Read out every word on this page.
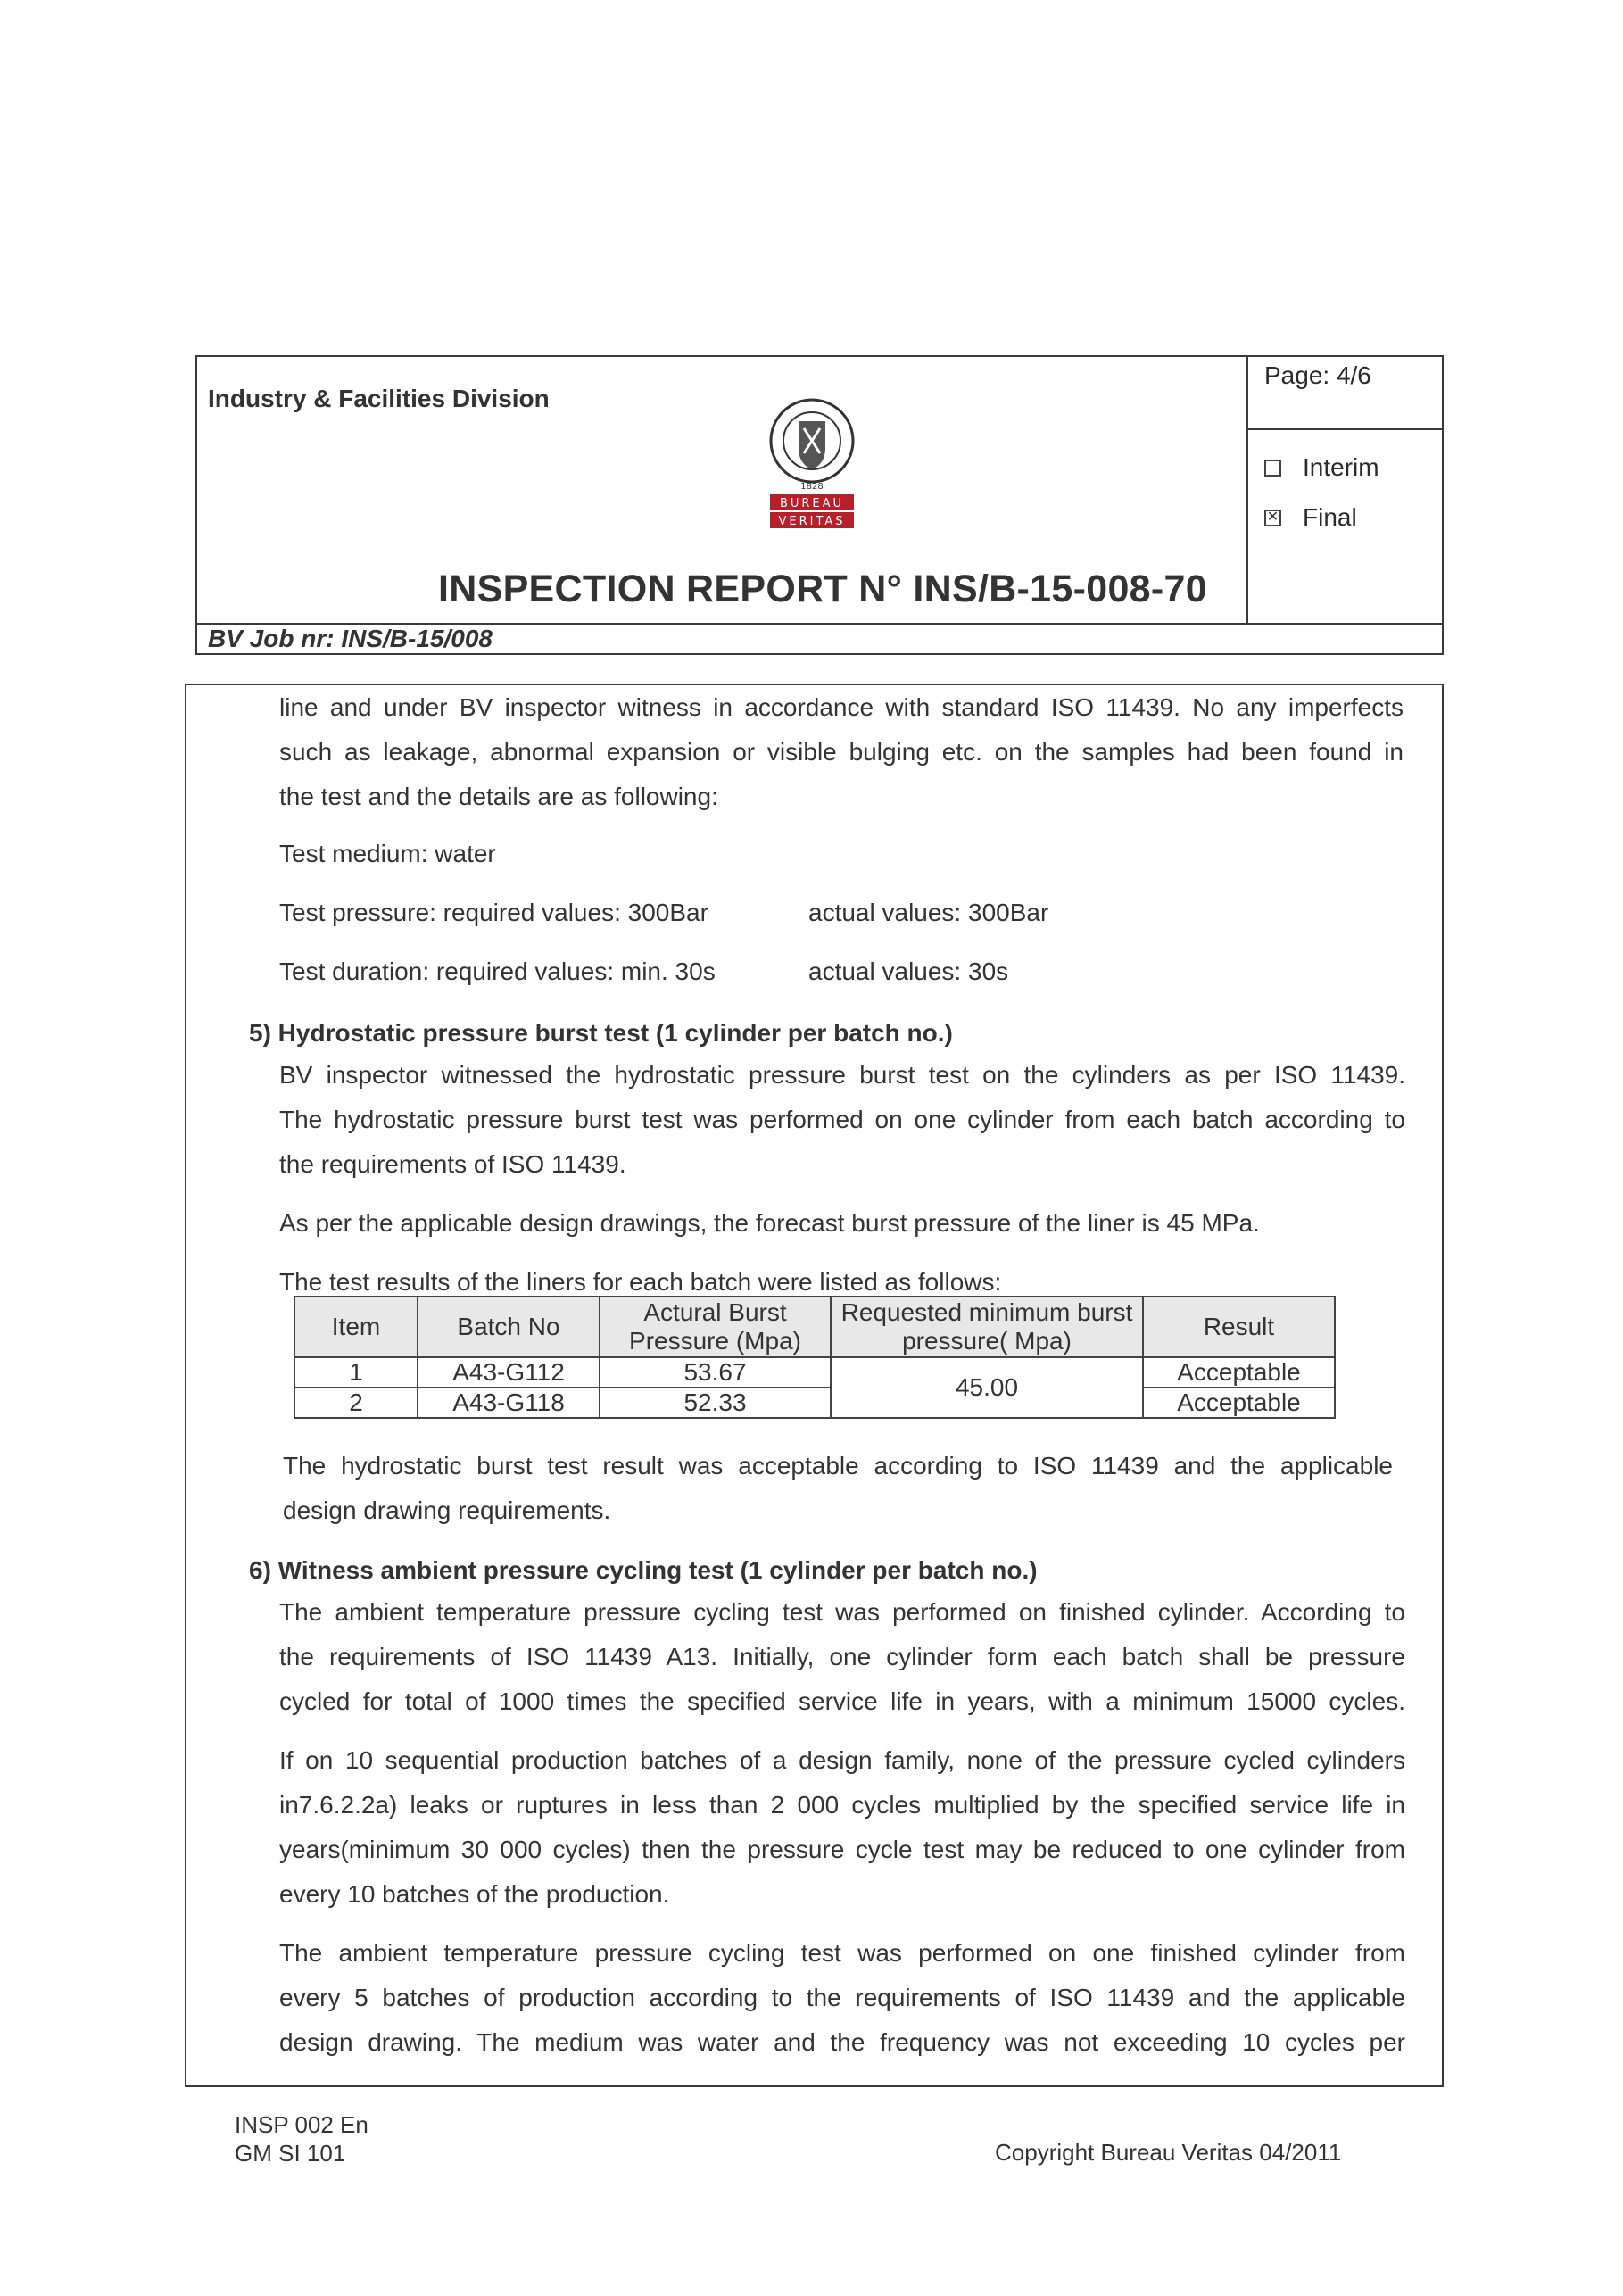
Industry & Facilities Division
1828
BUREAU
VERITAS
INSPECTION REPORT N° INS/B-15-008-70
BV Job nr: INS/B-15/008
Page: 4/6
Interim
✕ Final
line and under BV inspector witness in accordance with standard ISO 11439. No any imperfects
such as leakage, abnormal expansion or visible bulging etc. on the samples had been found in
the test and the details are as following:
Test medium: water
Test pressure: required values: 300Bar	actual values: 300Bar
Test duration: required values: min. 30s	actual values: 30s
5) Hydrostatic pressure burst test (1 cylinder per batch no.)
BV inspector witnessed the hydrostatic pressure burst test on the cylinders as per ISO 11439.
The hydrostatic pressure burst test was performed on one cylinder from each batch according to
the requirements of ISO 11439.
As per the applicable design drawings, the forecast burst pressure of the liner is 45 MPa.
The test results of the liners for each batch were listed as follows:
Item	Batch No	Actural Burst Pressure (Mpa)	Requested minimum burst pressure( Mpa)	Result
1	A43-G112	53.67	45.00	Acceptable
2	A43-G118	52.33		Acceptable
The hydrostatic burst test result was acceptable according to ISO 11439 and the applicable
design drawing requirements.
6) Witness ambient pressure cycling test (1 cylinder per batch no.)
The ambient temperature pressure cycling test was performed on finished cylinder. According to
the requirements of ISO 11439 A13. Initially, one cylinder form each batch shall be pressure
cycled for total of 1000 times the specified service life in years, with a minimum 15000 cycles.
If on 10 sequential production batches of a design family, none of the pressure cycled cylinders
in7.6.2.2a) leaks or ruptures in less than 2 000 cycles multiplied by the specified service life in
years(minimum 30 000 cycles) then the pressure cycle test may be reduced to one cylinder from
every 10 batches of the production.
The ambient temperature pressure cycling test was performed on one finished cylinder from
every 5 batches of production according to the requirements of ISO 11439 and the applicable
design drawing. The medium was water and the frequency was not exceeding 10 cycles per
INSP 002 En
GM SI 101	Copyright Bureau Veritas 04/2011
